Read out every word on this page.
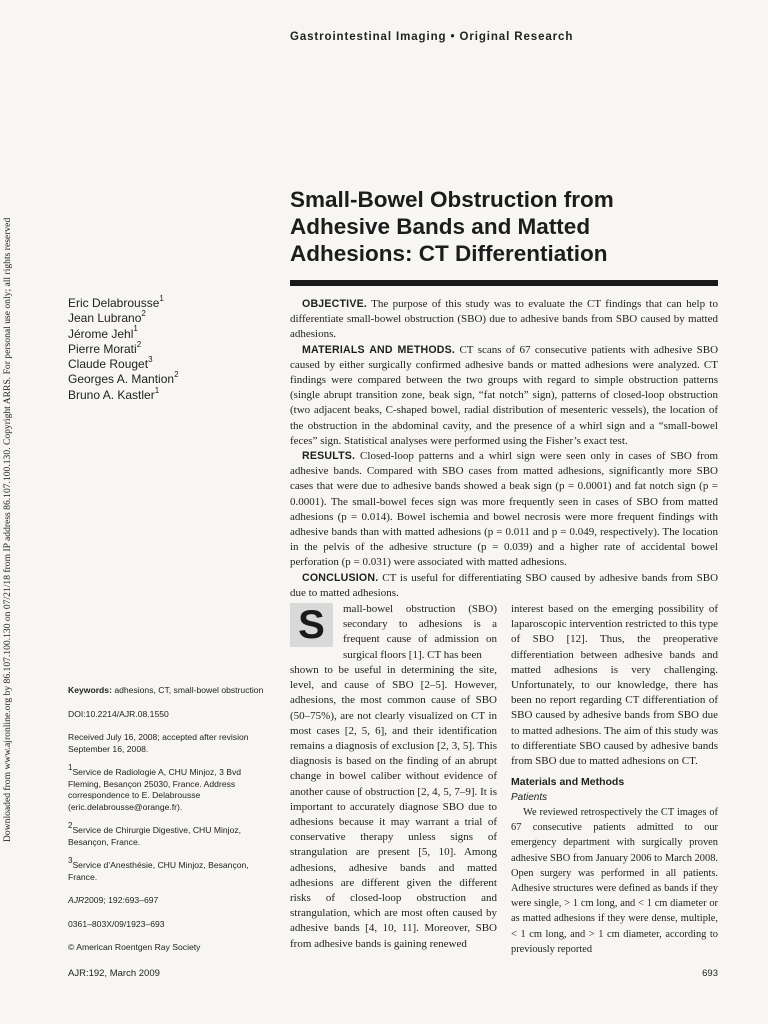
Gastrointestinal Imaging • Original Research
Downloaded from www.ajronline.org by 86.107.100.130 on 07/21/18 from IP address 86.107.100.130. Copyright ARRS. For personal use only; all rights reserved
Small-Bowel Obstruction from
Adhesive Bands and Matted
Adhesions: CT Differentiation
Eric Delabrousse$^1$
Jean Lubrano$^2$
Jérome Jehl$^1$
Pierre Morati$^2$
Claude Rouget$^3$
Georges A. Mantion$^2$
Bruno A. Kastler$^1$

OBJECTIVE. The purpose of this study was to evaluate the CT findings that can help to differentiate small-bowel obstruction (SBO) due to adhesive bands from SBO caused by matted adhesions.

MATERIALS AND METHODS. CT scans of 67 consecutive patients with adhesive SBO caused by either surgically confirmed adhesive bands or matted adhesions were analyzed. CT findings were compared between the two groups with regard to simple obstruction patterns (single abrupt transition zone, beak sign, “fat notch” sign), patterns of closed-loop obstruction (two adjacent beaks, C-shaped bowel, radial distribution of mesenteric vessels), the location of the obstruction in the abdominal cavity, and the presence of a whirl sign and a “small-bowel feces” sign. Statistical analyses were performed using the Fisher’s exact test.

RESULTS. Closed-loop patterns and a whirl sign were seen only in cases of SBO from adhesive bands. Compared with SBO cases from matted adhesions, significantly more SBO cases that were due to adhesive bands showed a beak sign (p = 0.0001) and fat notch sign (p = 0.0001). The small-bowel feces sign was more frequently seen in cases of SBO from matted adhesions (p = 0.014). Bowel ischemia and bowel necrosis were more frequent findings with adhesive bands than with matted adhesions (p = 0.011 and p = 0.049, respectively). The location in the pelvis of the adhesive structure (p = 0.039) and a higher rate of accidental bowel perforation (p = 0.031) were associated with matted adhesions.

CONCLUSION. CT is useful for differentiating SBO caused by adhesive bands from SBO due to matted adhesions.

S	mall-bowel obstruction (SBO) secondary to adhesions is a frequent cause of admission on surgical floors [1]. CT has been

shown to be useful in determining the site, level, and cause of SBO [2–5]. However, adhesions, the most common cause of SBO (50–75%), are not clearly visualized on CT in most cases [2, 5, 6], and their identification remains a diagnosis of exclusion [2, 3, 5]. This diagnosis is based on the finding of an abrupt change in bowel caliber without evidence of another cause of obstruction [2, 4, 5, 7–9]. It is important to accurately diagnose SBO due to adhesions because it may warrant a trial of conservative therapy unless signs of strangulation are present [5, 10]. Among adhesions, adhesive bands and matted adhesions are different given the different risks of closed-loop obstruction and strangulation, which are most often caused by adhesive bands [4, 10, 11]. Moreover, SBO from adhesive bands is gaining renewed

interest based on the emerging possibility of laparoscopic intervention restricted to this type of SBO [12]. Thus, the preoperative differentiation between adhesive bands and matted adhesions is very challenging. Unfortunately, to our knowledge, there has been no report regarding CT differentiation of SBO caused by adhesive bands from SBO due to matted adhesions. The aim of this study was to differentiate SBO caused by adhesive bands from SBO due to matted adhesions on CT.

Materials and Methods
Patients

We reviewed retrospectively the CT images of 67 consecutive patients admitted to our emergency department with surgically proven adhesive SBO from January 2006 to March 2008. Open surgery was performed in all patients. Adhesive structures were defined as bands if they were single, > 1 cm long, and < 1 cm diameter or as matted adhesions if they were dense, multiple, < 1 cm long, and > 1 cm diameter, according to previously reported

Keywords: adhesions, CT, small-bowel obstruction
DOI:10.2214/AJR.08.1550
Received July 16, 2008; accepted after revision September 16, 2008.
$^1$Service de Radiologie A, CHU Minjoz, 3 Bvd Fleming, Besançon 25030, France. Address correspondence to E. Delabrousse (eric.delabrousse@orange.fr).
$^2$Service de Chirurgie Digestive, CHU Minjoz, Besançon, France.
$^3$Service d’Anesthésie, CHU Minjoz, Besançon, France.
AJR2009; 192:693–697
0361–803X/09/1923–693
© American Roentgen Ray Society
AJR:192, March 2009	693
